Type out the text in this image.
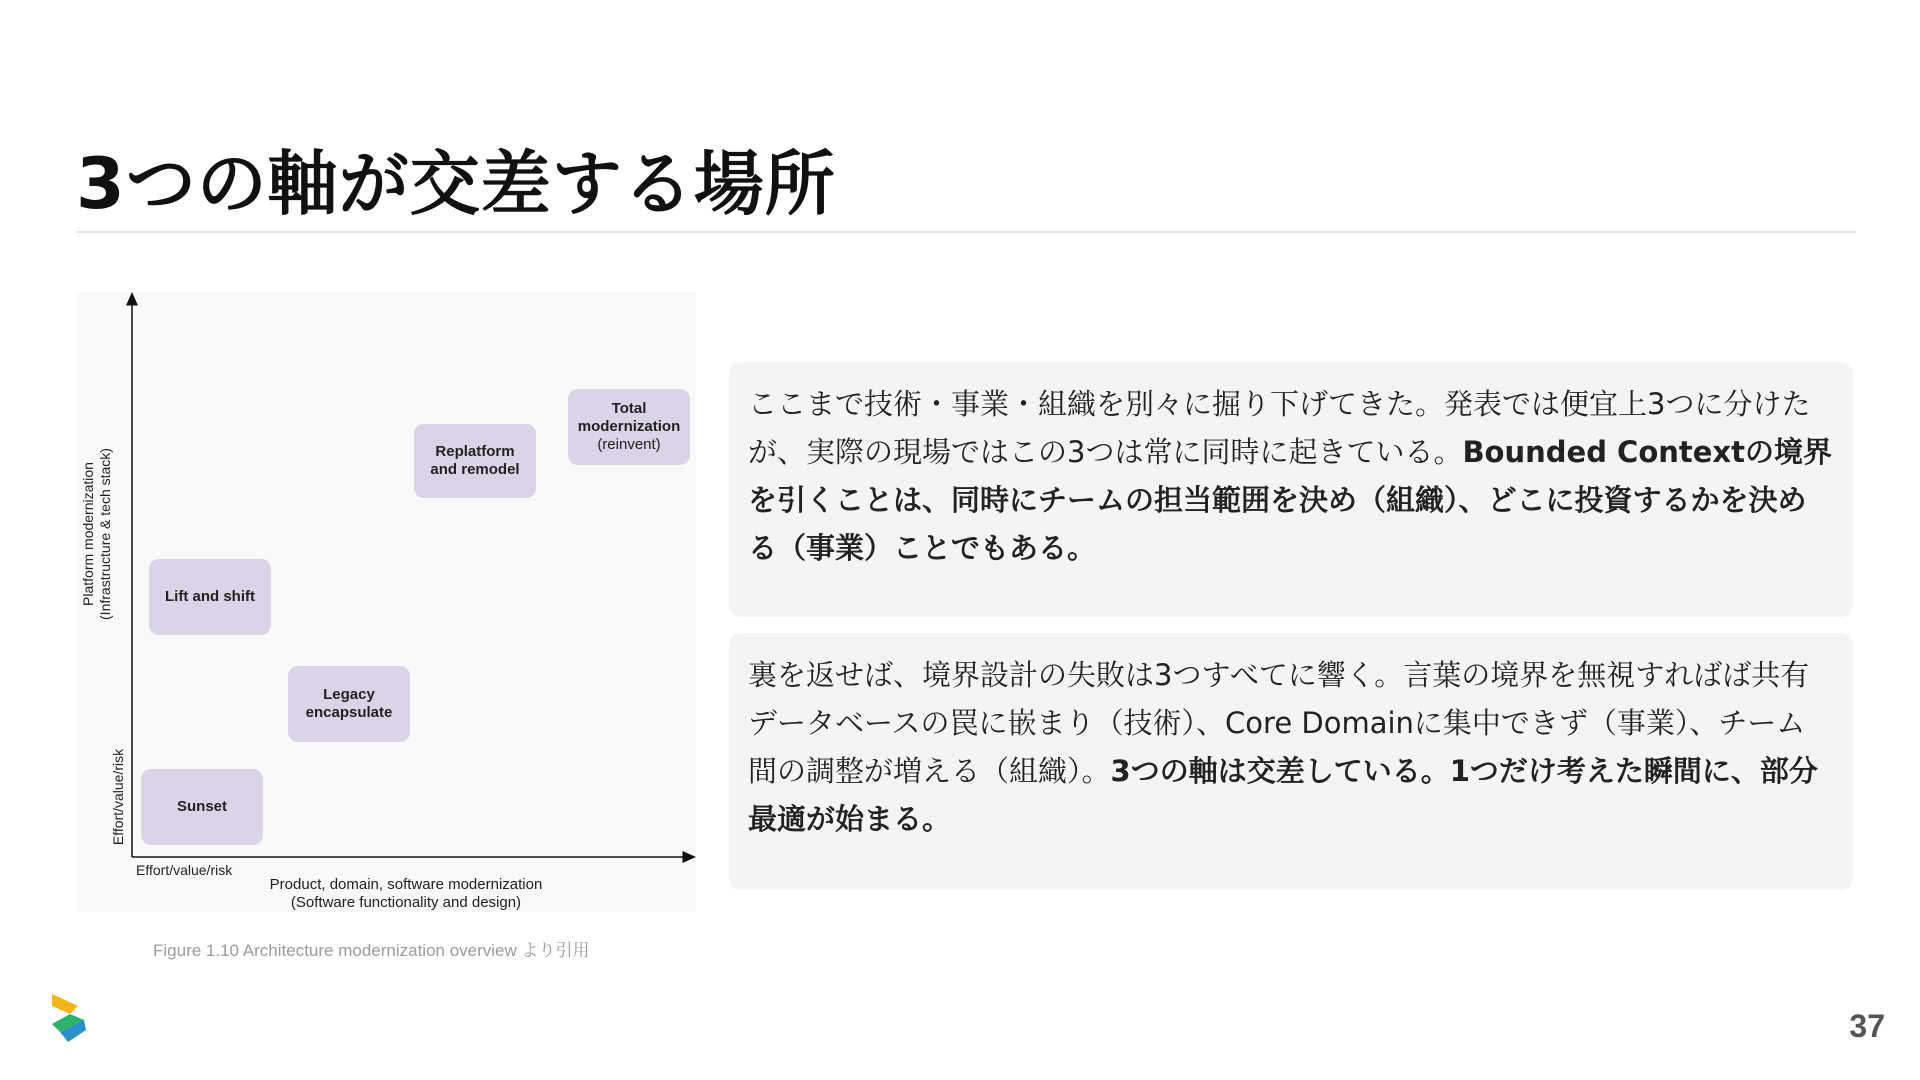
3つの軸が交差する場所
Platform modernization (Infrastructure & tech stack)
Effort/value/risk
Effort/value/risk
Product, domain, software modernization
(Software functionality and design)
Total
modernization
(reinvent)
Replatform
and remodel
Lift and shift
Legacy
encapsulate
Sunset
Figure 1.10 Architecture modernization overview より引用
ここまで技術・事業・組織を別々に掘り下げてきた。発表では便宜上3つに分けたが、実際の現場ではこの3つは常に同時に起きている。Bounded Contextの境界を引くことは、同時にチームの担当範囲を決め（組織）、どこに投資するかを決める（事業）ことでもある。
裏を返せば、境界設計の失敗は3つすべてに響く。言葉の境界を無視すればば共有データベースの罠に嵌まり（技術）、Core Domainに集中できず（事業）、チーム間の調整が増える（組織）。3つの軸は交差している。1つだけ考えた瞬間に、部分最適が始まる。
37
